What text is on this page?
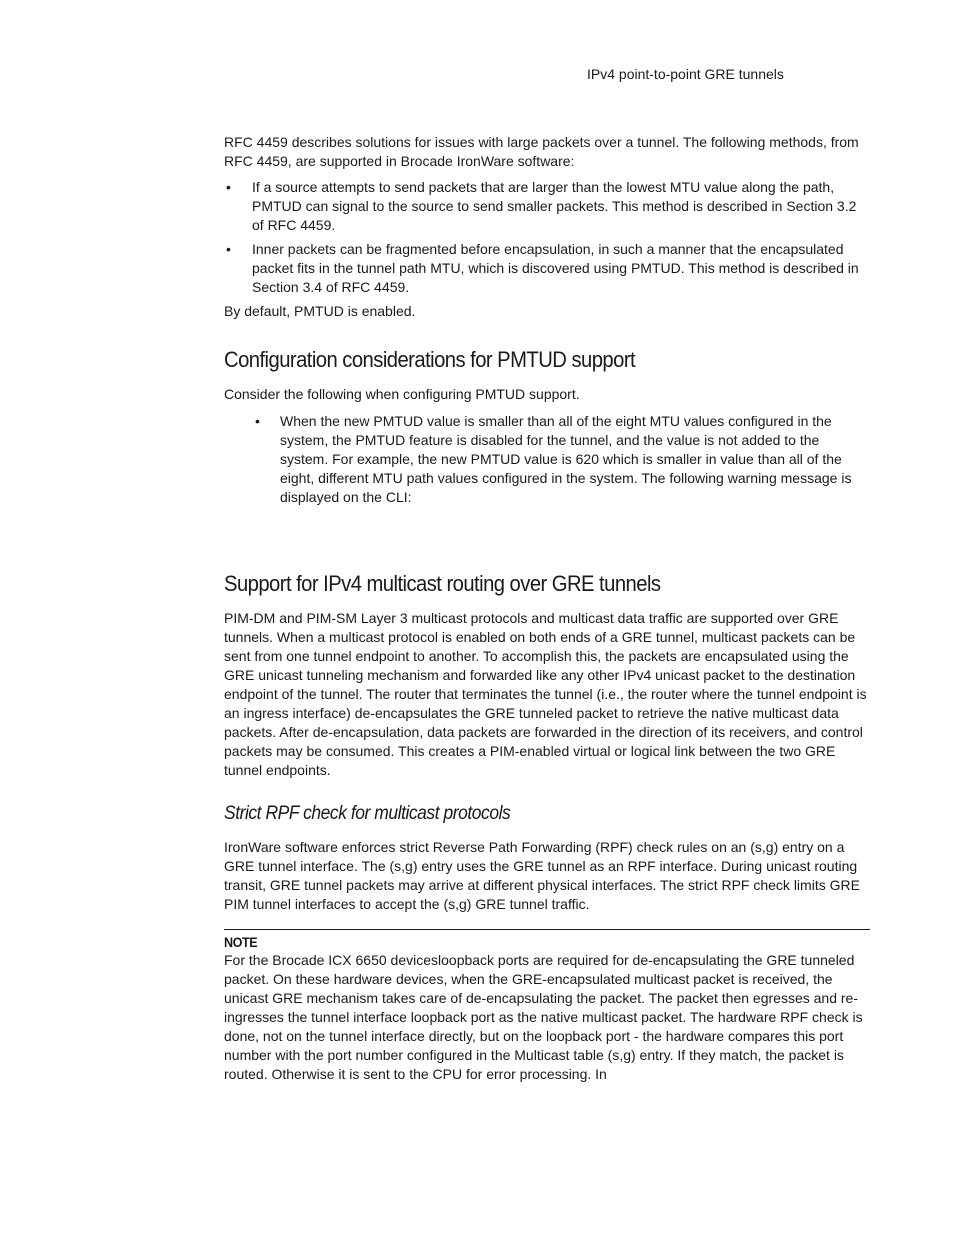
IPv4 point-to-point GRE tunnels

RFC 4459 describes solutions for issues with large packets over a tunnel. The following methods, from RFC 4459, are supported in Brocade IronWare software:

• If a source attempts to send packets that are larger than the lowest MTU value along the path, PMTUD can signal to the source to send smaller packets. This method is described in Section 3.2 of RFC 4459.
• Inner packets can be fragmented before encapsulation, in such a manner that the encapsulated packet fits in the tunnel path MTU, which is discovered using PMTUD. This method is described in Section 3.4 of RFC 4459.

By default, PMTUD is enabled.

Configuration considerations for PMTUD support

Consider the following when configuring PMTUD support.

• When the new PMTUD value is smaller than all of the eight MTU values configured in the system, the PMTUD feature is disabled for the tunnel, and the value is not added to the system. For example, the new PMTUD value is 620 which is smaller in value than all of the eight, different MTU path values configured in the system. The following warning message is displayed on the CLI:
Support for IPv4 multicast routing over GRE tunnels

PIM-DM and PIM-SM Layer 3 multicast protocols and multicast data traffic are supported over GRE tunnels. When a multicast protocol is enabled on both ends of a GRE tunnel, multicast packets can be sent from one tunnel endpoint to another. To accomplish this, the packets are encapsulated using the GRE unicast tunneling mechanism and forwarded like any other IPv4 unicast packet to the destination endpoint of the tunnel. The router that terminates the tunnel (i.e., the router where the tunnel endpoint is an ingress interface) de-encapsulates the GRE tunneled packet to retrieve the native multicast data packets. After de-encapsulation, data packets are forwarded in the direction of its receivers, and control packets may be consumed. This creates a PIM-enabled virtual or logical link between the two GRE tunnel endpoints.

Strict RPF check for multicast protocols

IronWare software enforces strict Reverse Path Forwarding (RPF) check rules on an (s,g) entry on a GRE tunnel interface. The (s,g) entry uses the GRE tunnel as an RPF interface. During unicast routing transit, GRE tunnel packets may arrive at different physical interfaces. The strict RPF check limits GRE PIM tunnel interfaces to accept the (s,g) GRE tunnel traffic.

NOTE

For the Brocade ICX 6650 devicesloopback ports are required for de-encapsulating the GRE tunneled packet. On these hardware devices, when the GRE-encapsulated multicast packet is received, the unicast GRE mechanism takes care of de-encapsulating the packet. The packet then egresses and re-ingresses the tunnel interface loopback port as the native multicast packet. The hardware RPF check is done, not on the tunnel interface directly, but on the loopback port - the hardware compares this port number with the port number configured in the Multicast table (s,g) entry. If they match, the packet is routed. Otherwise it is sent to the CPU for error processing. In
